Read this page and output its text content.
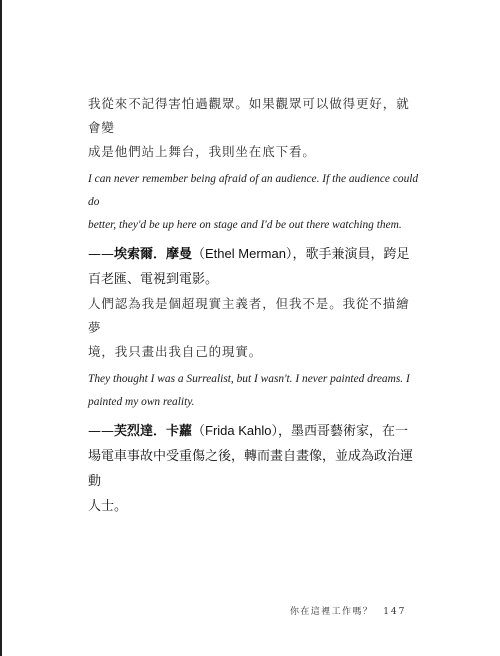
我從來不記得害怕過觀眾。如果觀眾可以做得更好，就會變
成是他們站上舞台，我則坐在底下看。

I can never remember being afraid of an audience. If the audience could do
better, they'd be up here on stage and I'd be out there watching them.

——埃索爾．摩曼（Ethel Merman），歌手兼演員，跨足
百老匯、電視到電影。

人們認為我是個超現實主義者，但我不是。我從不描繪夢
境，我只畫出我自己的現實。

They thought I was a Surrealist, but I wasn't. I never painted dreams. I
painted my own reality.

——芙烈達．卡蘿（Frida Kahlo），墨西哥藝術家，在一
場電車事故中受重傷之後，轉而畫自畫像，並成為政治運動
人士。

你在這裡工作嗎？ 147
